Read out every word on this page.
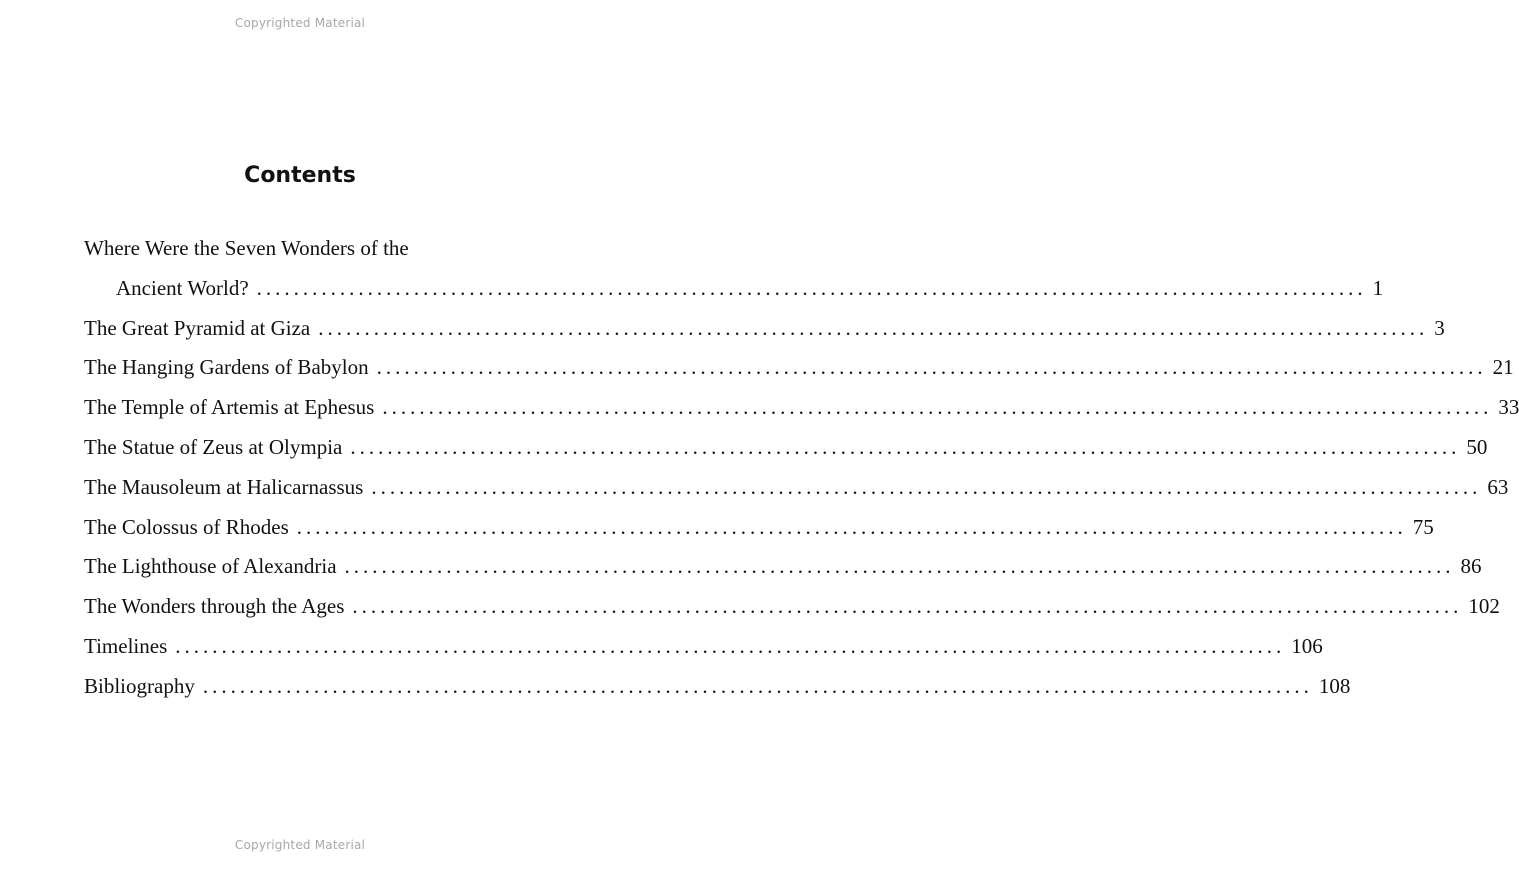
Copyrighted Material
Contents
Where Were the Seven Wonders of the
Ancient World? ........................................................................................................................ 1
The Great Pyramid at Giza ........................................................................................................................ 3
The Hanging Gardens of Babylon ........................................................................................................................ 21
The Temple of Artemis at Ephesus ........................................................................................................................ 33
The Statue of Zeus at Olympia ........................................................................................................................ 50
The Mausoleum at Halicarnassus ........................................................................................................................ 63
The Colossus of Rhodes ........................................................................................................................ 75
The Lighthouse of Alexandria ........................................................................................................................ 86
The Wonders through the Ages ........................................................................................................................ 102
Timelines ........................................................................................................................ 106
Bibliography ........................................................................................................................ 108
Copyrighted Material
